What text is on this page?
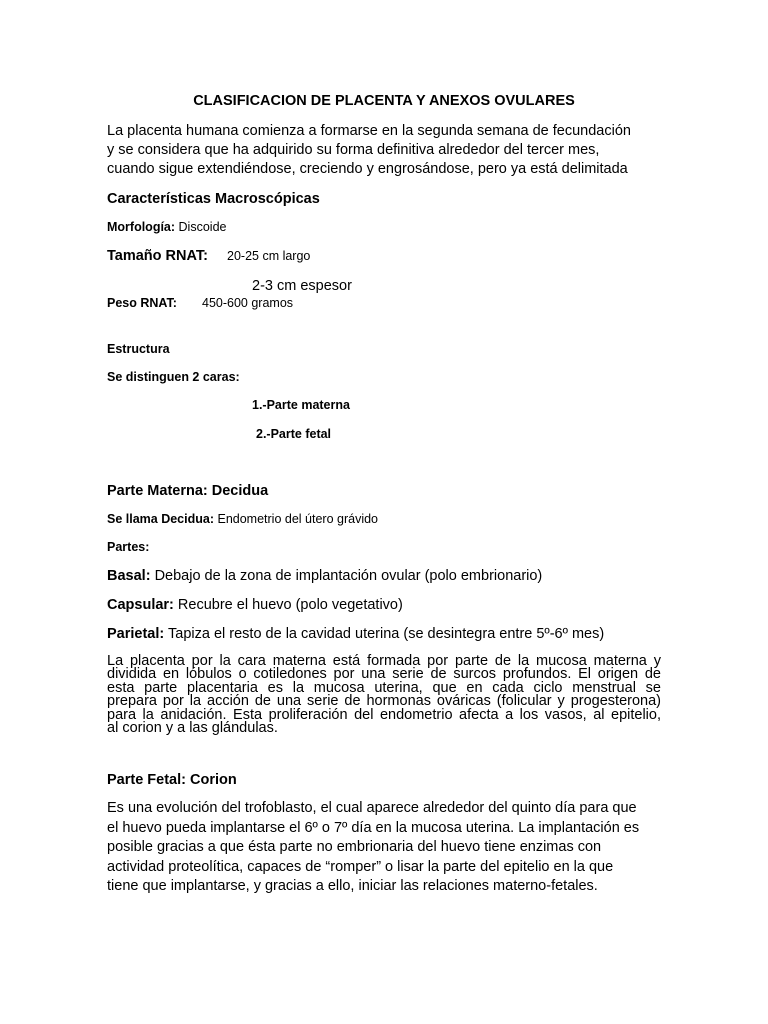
CLASIFICACION DE PLACENTA Y ANEXOS OVULARES

La placenta humana comienza a formarse en la segunda semana de fecundación
y se considera que ha adquirido su forma definitiva alrededor del tercer mes,
cuando sigue extendiéndose, creciendo y engrosándose, pero ya está delimitada

Características Macroscópicas

Morfología: Discoide

Tamaño RNAT: 20-25 cm largo
2-3 cm espesor

Peso RNAT: 450-600 gramos

Estructura

Se distinguen 2 caras:

1.-Parte materna

2.-Parte fetal

Parte Materna: Decidua

Se llama Decidua: Endometrio del útero grávido

Partes:

Basal: Debajo de la zona de implantación ovular (polo embrionario)

Capsular: Recubre el huevo (polo vegetativo)

Parietal: Tapiza el resto de la cavidad uterina (se desintegra entre 5º-6º mes)

La placenta por la cara materna está formada por parte de la mucosa materna y
dividida en lóbulos o cotiledones por una serie de surcos profundos. El origen de
esta parte placentaria es la mucosa uterina, que en cada ciclo menstrual se
prepara por la acción de una serie de hormonas ováricas (folicular y progesterona)
para la anidación. Esta proliferación del endometrio afecta a los vasos, al epitelio,
al corion y a las glándulas.

Parte Fetal: Corion

Es una evolución del trofoblasto, el cual aparece alrededor del quinto día para que
el huevo pueda implantarse el 6º o 7º día en la mucosa uterina. La implantación es
posible gracias a que ésta parte no embrionaria del huevo tiene enzimas con
actividad proteolítica, capaces de “romper” o lisar la parte del epitelio en la que
tiene que implantarse, y gracias a ello, iniciar las relaciones materno-fetales.
